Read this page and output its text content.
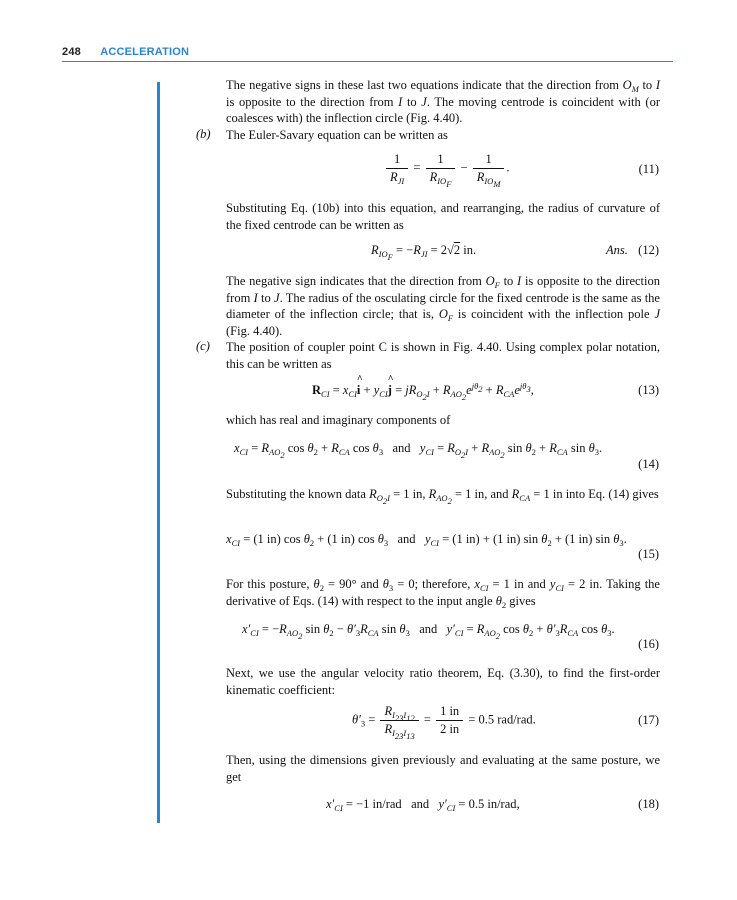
248 ACCELERATION
The negative signs in these last two equations indicate that the direction from $O_M$ to I is opposite to the direction from I to J. The moving centrode is coincident with (or coalesces with) the inflection circle (Fig. 4.40).
(b) The Euler-Savary equation can be written as
$\frac{1}{R_{JI}} = \frac{1}{R_{IO_F}} - \frac{1}{R_{IO_M}}$ .	(11)
Substituting Eq. (10b) into this equation, and rearranging, the radius of curvature of the fixed centrode can be written as
$R_{IO_F} = -R_{JI} = 2√2$ in.	Ans. (12)
The negative sign indicates that the direction from $O_F$ to I is opposite to the direction from I to J. The radius of the osculating circle for the fixed centrode is the same as the diameter of the inflection circle; that is, $O_F$ is coincident with the inflection pole J (Fig. 4.40).
(c) The position of coupler point C is shown in Fig. 4.40. Using complex polar notation, this can be written as
$R_{CI} = x_{CI}i$ ^ + $y_{CI}j$ ^ = $jR_{O_2I} + R_{AO_2}e^{j\theta_2} + R_{CA}e^{j\theta_3}$,	(13)
which has real and imaginary components of
$x_{CI} = R_{AO_2}$ $\cos \theta_2 + R_{CA}$ $\cos \theta_3$ and $y_{CI} = R_{O_2I} + R_{AO_2}$ $\sin \theta_2 + R_{CA}$ $\sin \theta_3$.
(14)
Substituting the known data $R_{O_2I} = 1$ in, $R_{AO_2} = 1$ in, and $R_{CA} = 1$ in into Eq. (14) gives
$x_{CI} = (1$ in) $\cos \theta_2 + (1$ in) $\cos \theta_3$ and $y_{CI} = (1$ in) + (1 in) $\sin \theta_2 + (1$ in) $\sin \theta_3$.
(15)
For this posture, $\theta_2 = 90^\circ$ and $\theta_3 = 0$; therefore, $x_{CI} = 1$ in and $y_{CI} = 2$ in. Taking the derivative of Eqs. (14) with respect to the input angle $\theta_2$ gives
$x'_{CI} = -R_{AO_2}$ $\sin \theta_2 - \theta'_3R_{CA}$ $\sin \theta_3$ and $y'_{CI} = R_{AO_2}$ $\cos \theta_2 + \theta'_3R_{CA}$ $\cos \theta_3$.
(16)
Next, we use the angular velocity ratio theorem, Eq. (3.30), to find the first-order kinematic coefficient:
$\theta'_3 = \frac{R_{I_{23}I_{12}}}{R_{I_{23}I_{13}}} = \frac{1 in}{2 in} = 0.5$ rad/rad.	(17)
Then, using the dimensions given previously and evaluating at the same posture, we get
$x'_{CI} = -1$ in/rad   and $y'_{CI} = 0.5$ in/rad,	(18)
